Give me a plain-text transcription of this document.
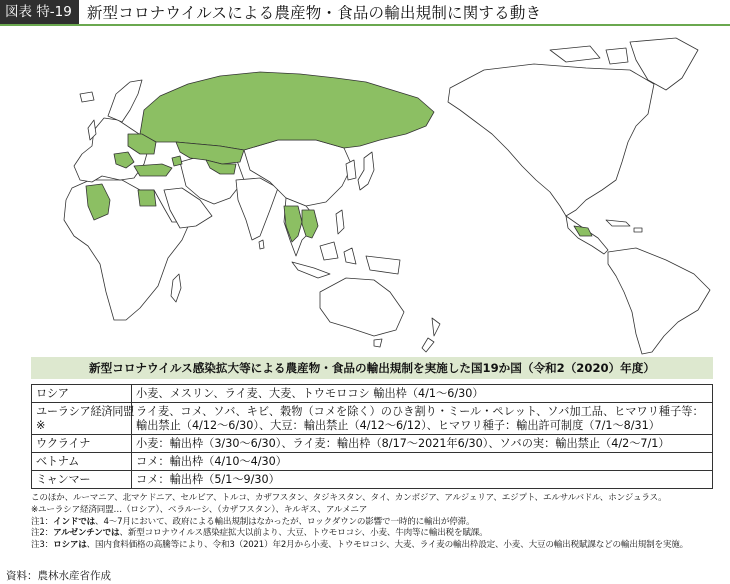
図表 特-19 新型コロナウイルスによる農産物・食品の輸出規制に関する動き
新型コロナウイルス感染拡大等による農産物・食品の輸出規制を実施した国19か国（令和2（2020）年度）
ロシア	小麦、メスリン、ライ麦、大麦、トウモロコシ 輸出枠（4/1～6/30）
ユーラシア経済同盟
※	ライ麦、コメ、ソバ、キビ、穀物（コメを除く）のひき割り・ミール・ペレット、ソバ加工品、ヒマワリ種子等：輸出禁止（4/12～6/30）、大豆：輸出禁止（4/12～6/12）、ヒマワリ種子：輸出許可制度（7/1～8/31）
ウクライナ	小麦：輸出枠（3/30～6/30）、ライ麦：輸出枠（8/17～2021年6/30）、ソバの実：輸出禁止（4/2～7/1）
ベトナム	コメ：輸出枠（4/10～4/30）
ミャンマー	コメ：輸出枠（5/1～9/30）
このほか、ルーマニア、北マケドニア、セルビア、トルコ、カザフスタン、タジキスタン、タイ、カンボジア、アルジェリア、エジプト、エルサルバドル、ホンジュラス。
※ユーラシア経済同盟…（ロシア）、ベラルーシ、（カザフスタン）、キルギス、アルメニア
注1：インドでは、4～7月において、政府による輸出規制はなかったが、ロックダウンの影響で一時的に輸出が停滞。
注2：アルゼンチンでは、新型コロナウイルス感染症拡大以前より、大豆、トウモロコシ、小麦、牛肉等に輸出税を賦課。
注3：ロシアは、国内食料価格の高騰等により、令和3（2021）年2月から小麦、トウモロコシ、大麦、ライ麦の輸出枠設定、小麦、大豆の輸出税賦課などの輸出規制を実施。
資料：農林水産省作成
